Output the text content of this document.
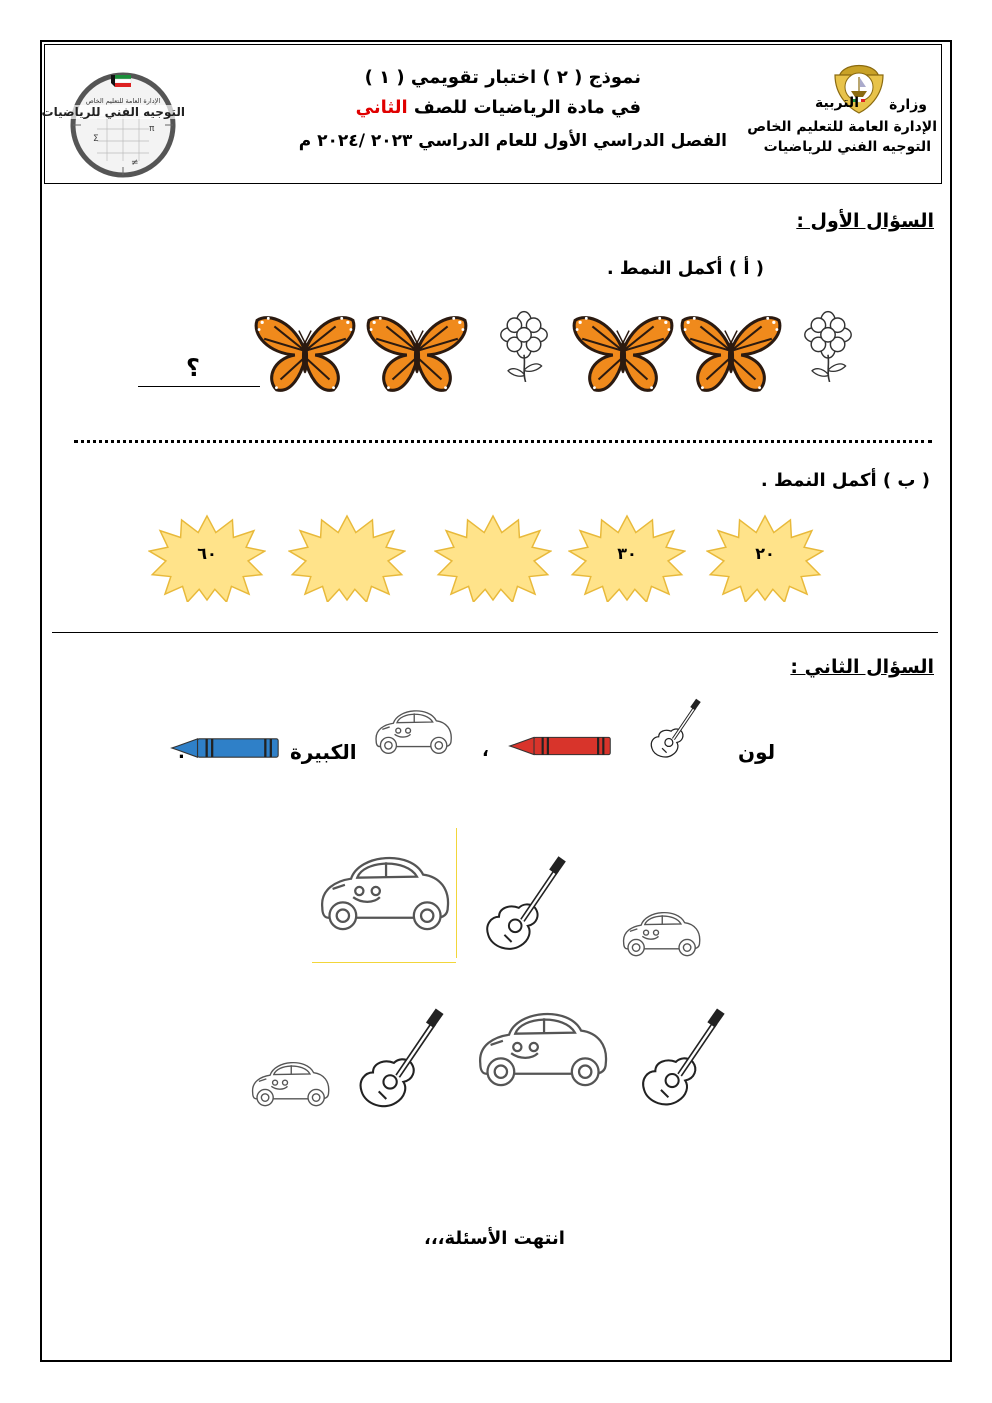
Σ
π
≠
الإدارة العامة للتعليم الخاص
التوجيه الفني للرياضيات
نموذج ( ٢ ) اختبار تقويمي ( ١ )
في مادة الرياضيات للصف الثاني
الفصل الدراسي الأول للعام الدراسي ٢٠٢٣ /٢٠٢٤ م
وزارة
التربية
الإدارة العامة للتعليم الخاص
التوجيه الفني للرياضيات
السؤال الأول :
( أ ) أكمل النمط .
؟
( ب ) أكمل النمط .
٢٠
٣٠
٦٠
السؤال الثاني :
لون
،
الكبيرة
.
انتهت الأسئلة،،،
